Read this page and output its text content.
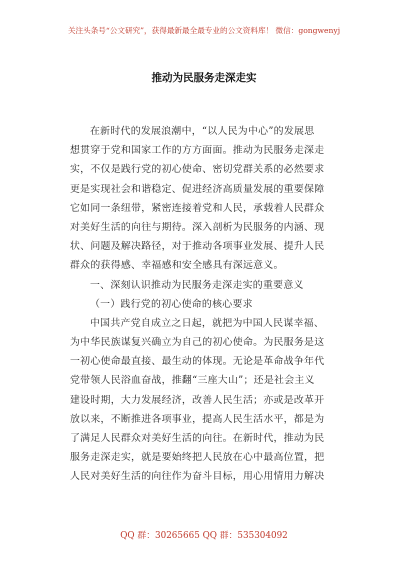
关注头条号“公文研究”，获得最新最全最专业的公文资料库！ 微信：gongwenyj
推动为民服务走深走实
在新时代的发展浪潮中，“以人民为中心”的发展思
想贯穿于党和国家工作的方方面面。推动为民服务走深走
实，不仅是践行党的初心使命、密切党群关系的必然要求
更是实现社会和谐稳定、促进经济高质量发展的重要保障
它如同一条纽带，紧密连接着党和人民，承载着人民群众
对美好生活的向往与期待。深入剖析为民服务的内涵、现
状、问题及解决路径，对于推动各项事业发展、提升人民
群众的获得感、幸福感和安全感具有深远意义。
一、深刻认识推动为民服务走深走实的重要意义
（一）践行党的初心使命的核心要求
中国共产党自成立之日起，就把为中国人民谋幸福、
为中华民族谋复兴确立为自己的初心使命。为民服务是这
一初心使命最直接、最生动的体现。无论是革命战争年代
党带领人民浴血奋战，推翻“三座大山”；还是社会主义
建设时期，大力发展经济，改善人民生活；亦或是改革开
放以来，不断推进各项事业，提高人民生活水平，都是为
了满足人民群众对美好生活的向往。在新时代，推动为民
服务走深走实，就是要始终把人民放在心中最高位置，把
人民对美好生活的向往作为奋斗目标，用心用情用力解决
QQ 群：30265665 QQ 群：535304092
